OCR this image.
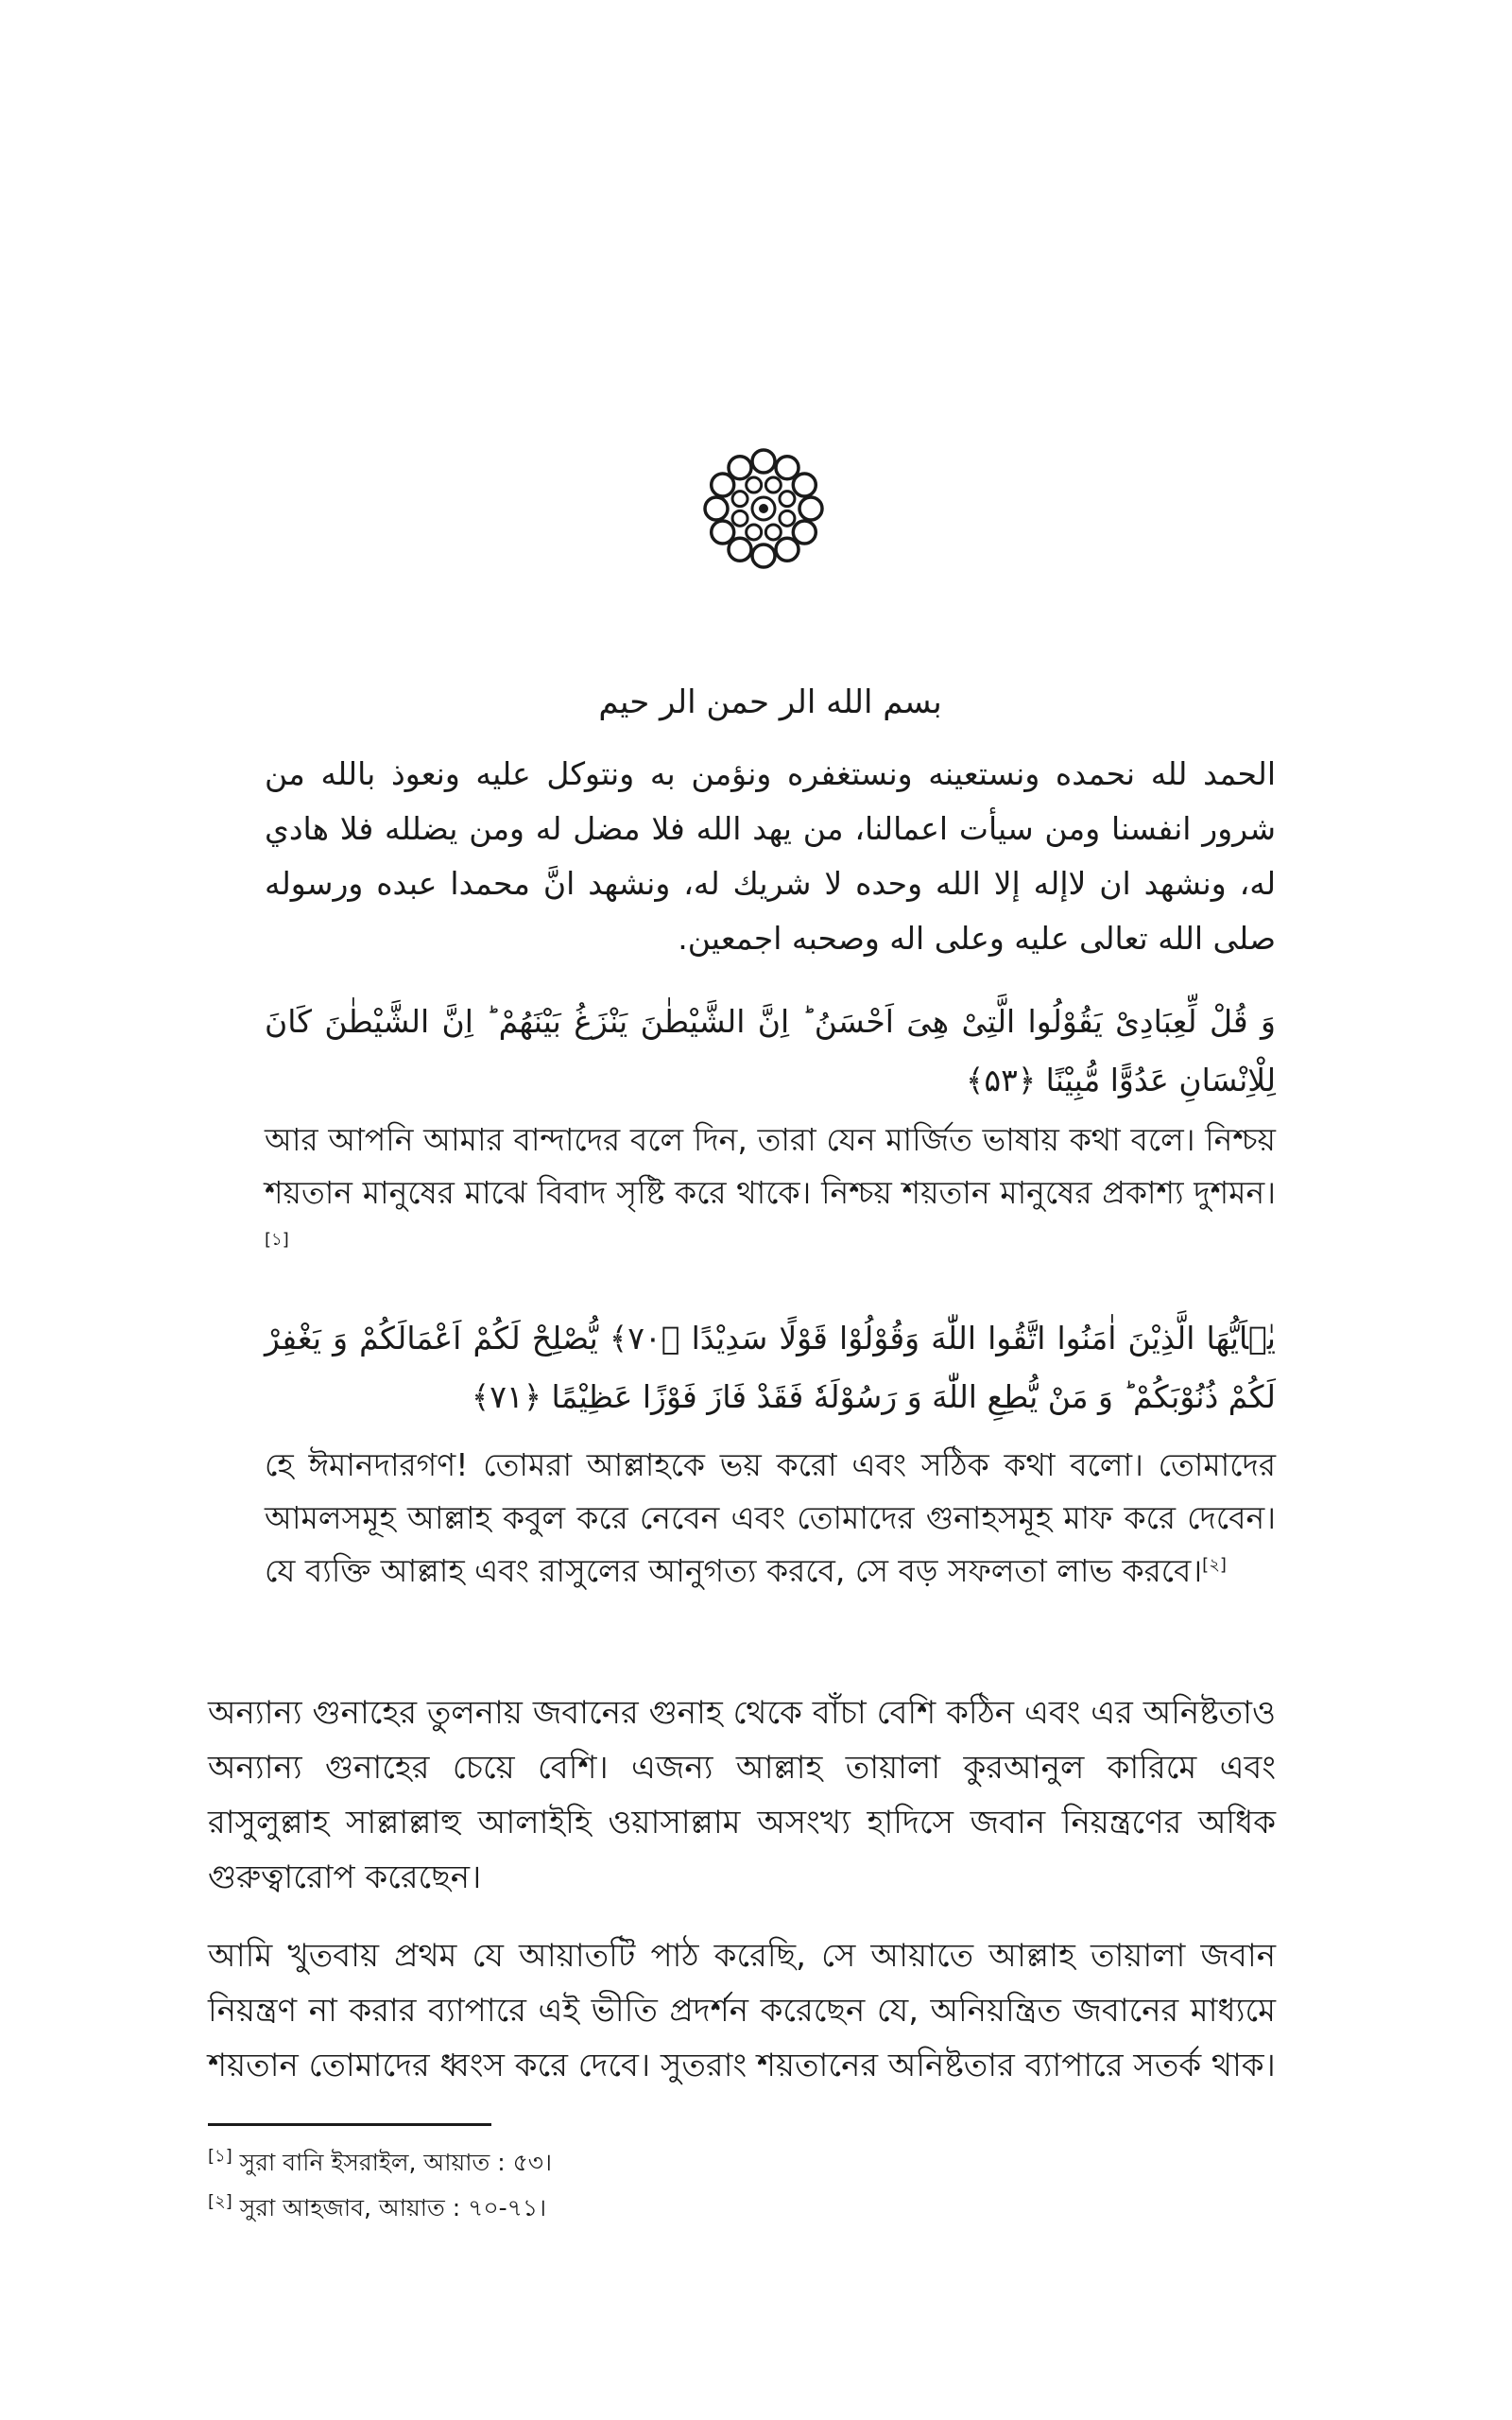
بسم الله الر حمن الر حيم
الحمد لله نحمده ونستعينه ونستغفره ونؤمن به ونتوكل عليه ونعوذ بالله من شرور انفسنا ومن سيأت اعمالنا، من يهد الله فلا مضل له ومن يضلله فلا هادي له، ونشهد ان لاإله إلا الله وحده لا شريك له، ونشهد انَّ محمدا عبده ورسوله صلى الله تعالى عليه وعلى اله وصحبه اجمعين.
وَ قُلْ لِّعِبَادِیْ یَقُوْلُوا الَّتِیْ هِیَ اَحْسَنُ ؕ اِنَّ الشَّیْطٰنَ یَنْزَغُ بَیْنَهُمْ ؕ اِنَّ الشَّیْطٰنَ كَانَ لِلْاِنْسَانِ عَدُوًّا مُّبِیْنًا ﴿۵۳﴾
আর আপনি আমার বান্দাদের বলে দিন, তারা যেন মার্জিত ভাষায় কথা বলে। নিশ্চয় শয়তান মানুষের মাঝে বিবাদ সৃষ্টি করে থাকে। নিশ্চয় শয়তান মানুষের প্রকাশ্য দুশমন।[১]
یٰۤاَیُّهَا الَّذِیْنَ اٰمَنُوا اتَّقُوا اللّٰهَ وَقُوْلُوْا قَوْلًا سَدِیْدًا ﴿۷۰﴾ یُّصْلِحْ لَكُمْ اَعْمَالَكُمْ وَ یَغْفِرْ لَكُمْ ذُنُوْبَكُمْ ؕ وَ مَنْ یُّطِعِ اللّٰهَ وَ رَسُوْلَهٗ فَقَدْ فَازَ فَوْزًا عَظِیْمًا ﴿۷۱﴾
হে ঈমানদারগণ! তোমরা আল্লাহকে ভয় করো এবং সঠিক কথা বলো। তোমাদের আমলসমূহ আল্লাহ কবুল করে নেবেন এবং তোমাদের গুনাহসমূহ মাফ করে দেবেন। যে ব্যক্তি আল্লাহ এবং রাসুলের আনুগত্য করবে, সে বড় সফলতা লাভ করবে।[২]
অন্যান্য গুনাহের তুলনায় জবানের গুনাহ থেকে বাঁচা বেশি কঠিন এবং এর অনিষ্টতাও অন্যান্য গুনাহের চেয়ে বেশি। এজন্য আল্লাহ তায়ালা কুরআনুল কারিমে এবং রাসুলুল্লাহ সাল্লাল্লাহু আলাইহি ওয়াসাল্লাম অসংখ্য হাদিসে জবান নিয়ন্ত্রণের অধিক গুরুত্বারোপ করেছেন।
আমি খুতবায় প্রথম যে আয়াতটি পাঠ করেছি, সে আয়াতে আল্লাহ তায়ালা জবান নিয়ন্ত্রণ না করার ব্যাপারে এই ভীতি প্রদর্শন করেছেন যে, অনিয়ন্ত্রিত জবানের মাধ্যমে শয়তান তোমাদের ধ্বংস করে দেবে। সুতরাং শয়তানের অনিষ্টতার ব্যাপারে সতর্ক থাক।
[১] সুরা বানি ইসরাইল, আয়াত : ৫৩।
[২] সুরা আহজাব, আয়াত : ৭০-৭১।
